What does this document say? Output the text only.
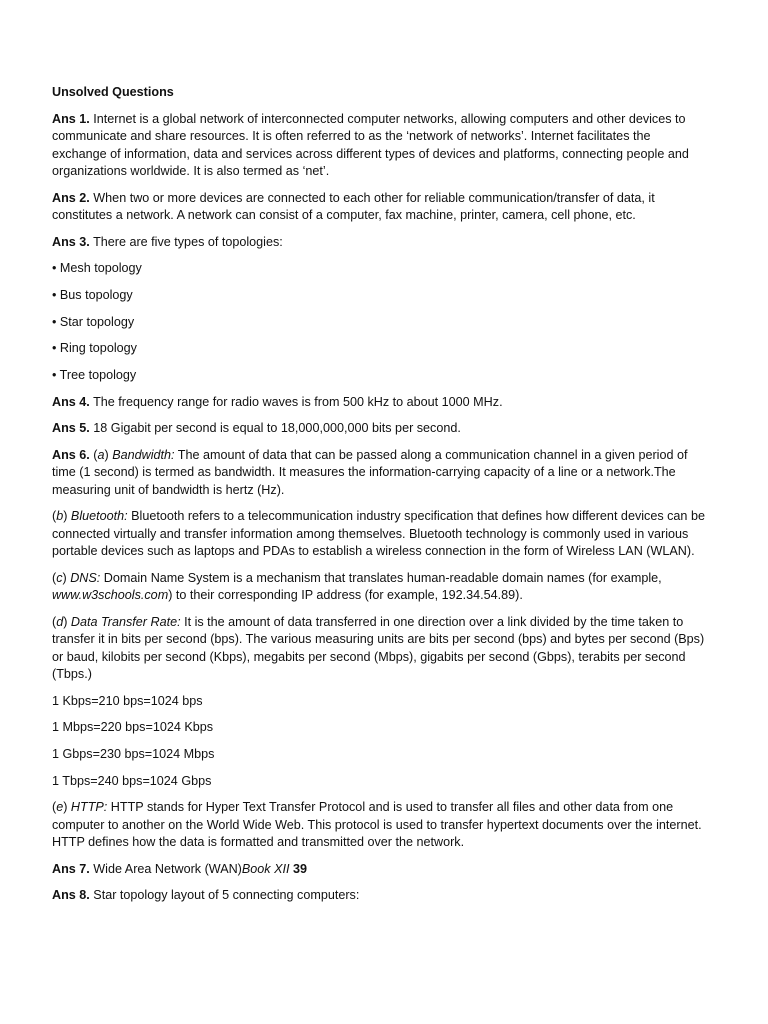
Unsolved Questions

Ans 1. Internet is a global network of interconnected computer networks, allowing computers and other devices to communicate and share resources. It is often referred to as the ‘network of networks’. Internet facilitates the exchange of information, data and services across different types of devices and platforms, connecting people and organizations worldwide. It is also termed as ‘net’.

Ans 2. When two or more devices are connected to each other for reliable communication/transfer of data, it constitutes a network. A network can consist of a computer, fax machine, printer, camera, cell phone, etc.

Ans 3. There are five types of topologies:

• Mesh topology
• Bus topology
• Star topology
• Ring topology
• Tree topology

Ans 4. The frequency range for radio waves is from 500 kHz to about 1000 MHz.

Ans 5. 18 Gigabit per second is equal to 18,000,000,000 bits per second.

Ans 6. (a) Bandwidth: The amount of data that can be passed along a communication channel in a given period of time (1 second) is termed as bandwidth. It measures the information-carrying capacity of a line or a network.The measuring unit of bandwidth is hertz (Hz).

(b) Bluetooth: Bluetooth refers to a telecommunication industry specification that defines how different devices can be connected virtually and transfer information among themselves. Bluetooth technology is commonly used in various portable devices such as laptops and PDAs to establish a wireless connection in the form of Wireless LAN (WLAN).

(c) DNS: Domain Name System is a mechanism that translates human-readable domain names (for example, www.w3schools.com) to their corresponding IP address (for example, 192.34.54.89).

(d) Data Transfer Rate: It is the amount of data transferred in one direction over a link divided by the time taken to transfer it in bits per second (bps). The various measuring units are bits per second (bps) and bytes per second (Bps) or baud, kilobits per second (Kbps), megabits per second (Mbps), gigabits per second (Gbps), terabits per second (Tbps.)

1 Kbps=210 bps=1024 bps
1 Mbps=220 bps=1024 Kbps
1 Gbps=230 bps=1024 Mbps
1 Tbps=240 bps=1024 Gbps

(e) HTTP: HTTP stands for Hyper Text Transfer Protocol and is used to transfer all files and other data from one computer to another on the World Wide Web. This protocol is used to transfer hypertext documents over the internet. HTTP defines how the data is formatted and transmitted over the network.

Ans 7. Wide Area Network (WAN)Book XII 39

Ans 8. Star topology layout of 5 connecting computers:
